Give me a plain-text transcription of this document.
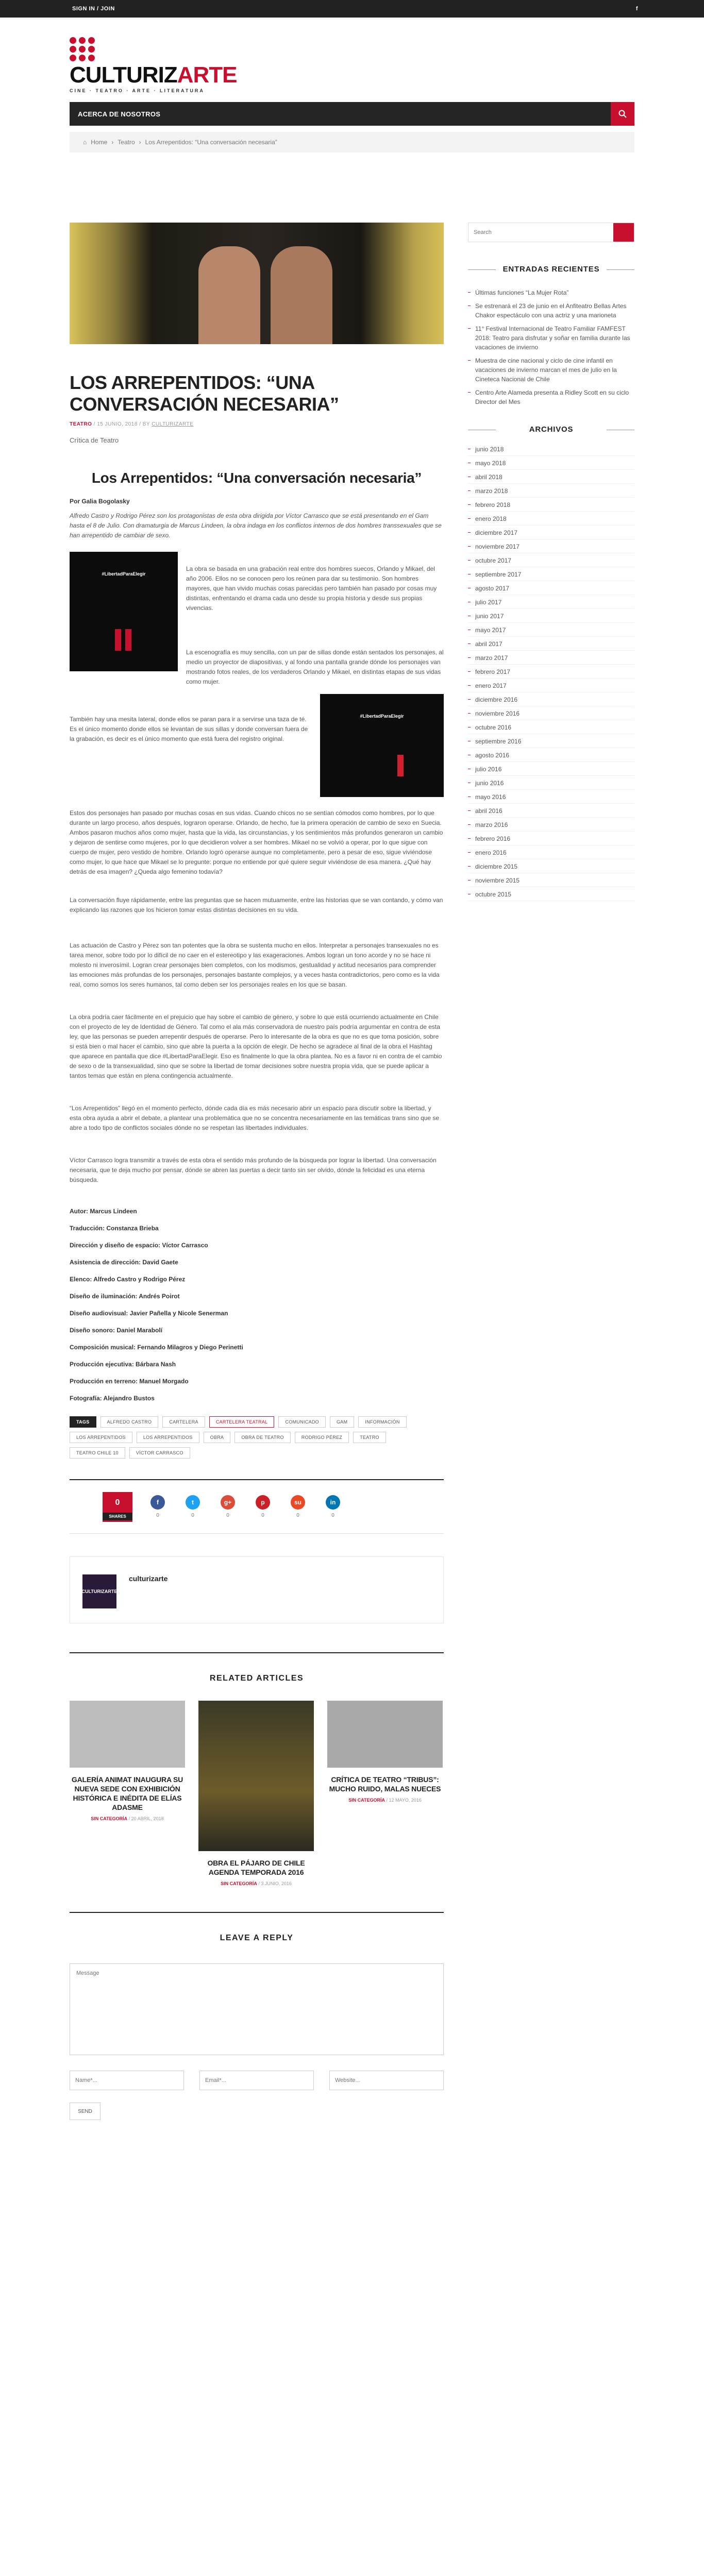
SIGN IN / JOIN	f
CULTURIZARTE
CINE · TEATRO · ARTE · LITERATURA
ACERCA DE NOSOTROS
⌂ Home › Teatro › Los Arrepentidos: “Una conversación necesaria”
LOS ARREPENTIDOS: “UNA CONVERSACIÓN NECESARIA”
TEATRO / 15 JUNIO, 2018 / BY CULTURIZARTE
Crítica de Teatro
Los Arrepentidos: “Una conversación necesaria”
Por Galia Bogolasky

Alfredo Castro y Rodrigo Pérez son los protagonistas de esta obra dirigida por Víctor Carrasco que se está presentando en el Gam hasta el 8 de Julio. Con dramaturgia de Marcus Lindeen, la obra indaga en los conflictos internos de dos hombres transsexuales que se han arrepentido de cambiar de sexo.

#LibertadParaElegir

La obra se basada en una grabación real entre dos hombres suecos, Orlando y Mikael, del año 2006. Ellos no se conocen pero los reúnen para dar su testimonio. Son hombres mayores, que han vivido muchas cosas parecidas pero también han pasado por cosas muy distintas, enfrentando el drama cada uno desde su propia historia y desde sus propias vivencias.

La escenografía es muy sencilla, con un par de sillas donde están sentados los personajes, al medio un proyector de diapositivas, y al fondo una pantalla grande dónde los personajes van mostrando fotos reales, de los verdaderos Orlando y Mikael, en distintas etapas de sus vidas como mujer.

También hay una mesita lateral, donde ellos se paran para ir a servirse una taza de té. Es el único momento donde ellos se levantan de sus sillas y donde conversan fuera de la grabación, es decir es el único momento que está fuera del registro original.

#LibertadParaElegir

Estos dos personajes han pasado por muchas cosas en sus vidas. Cuando chicos no se sentían cómodos como hombres, por lo que durante un largo proceso, años después, lograron operarse. Orlando, de hecho, fue la primera operación de cambio de sexo en Suecia. Ambos pasaron muchos años como mujer, hasta que la vida, las circunstancias, y los sentimientos más profundos generaron un cambio y dejaron de sentirse como mujeres, por lo que decidieron volver a ser hombres. Mikael no se volvió a operar, por lo que sigue con cuerpo de mujer, pero vestido de hombre. Orlando logró operarse aunque no completamente, pero a pesar de eso, sigue viviéndose como mujer, lo que hace que Mikael se lo pregunte: porque no entiende por qué quiere seguir viviéndose de esa manera. ¿Qué hay detrás de esa imagen? ¿Queda algo femenino todavía?

La conversación fluye rápidamente, entre las preguntas que se hacen mutuamente, entre las historias que se van contando, y cómo van explicando las razones que los hicieron tomar estas distintas decisiones en su vida.

Las actuación de Castro y Pérez son tan potentes que la obra se sustenta mucho en ellos. Interpretar a personajes transexuales no es tarea menor, sobre todo por lo difícil de no caer en el estereotipo y las exageraciones. Ambos logran un tono acorde y no se hace ni molesto ni inverosímil. Logran crear personajes bien completos, con los modismos, gestualidad y actitud necesarios para comprender las emociones más profundas de los personajes, personajes bastante complejos, y a veces hasta contradictorios, pero como es la vida real, como somos los seres humanos, tal como deben ser los personajes reales en los que se basan.

La obra podría caer fácilmente en el prejuicio que hay sobre el cambio de género, y sobre lo que está ocurriendo actualmente en Chile con el proyecto de ley de Identidad de Género. Tal como el ala más conservadora de nuestro país podría argumentar en contra de esta ley, que las personas se pueden arrepentir después de operarse. Pero lo interesante de la obra es que no es que toma posición, sobre si está bien o mal hacer el cambio, sino que abre la puerta a la opción de elegir. De hecho se agradece al final de la obra el Hashtag que aparece en pantalla que dice #LibertadParaElegir. Eso es finalmente lo que la obra plantea. No es a favor ni en contra de el cambio de sexo o de la transexualidad, sino que se sobre la libertad de tomar decisiones sobre nuestra propia vida, que se puede aplicar a tantos temas que están en plena contingencia actualmente.

“Los Arrepentidos” llegó en el momento perfecto, dónde cada día es más necesario abrir un espacio para discutir sobre la libertad, y esta obra ayuda a abrir el debate, a plantear una problemática que no se concentra necesariamente en las temáticas trans sino que se abre a todo tipo de conflictos sociales dónde no se respetan las libertades individuales.

Víctor Carrasco logra transmitir a través de esta obra el sentido más profundo de la búsqueda por lograr la libertad. Una conversación necesaria, que te deja mucho por pensar, dónde se abren las puertas a decir tanto sin ser olvido, dónde la felicidad es una eterna búsqueda.

Autor: Marcus Lindeen
Traducción: Constanza Brieba
Dirección y diseño de espacio: Víctor Carrasco
Asistencia de dirección: David Gaete
Elenco: Alfredo Castro y Rodrigo Pérez
Diseño de iluminación: Andrés Poirot
Diseño audiovisual: Javier Pañella y Nicole Senerman
Diseño sonoro: Daniel Marabolí
Composición musical: Fernando Milagros y Diego Perinetti
Producción ejecutiva: Bárbara Nash
Producción en terreno: Manuel Morgado
Fotografía: Alejandro Bustos
TAGS	ALFREDO CASTRO	CARTELERA	CARTELERA TEATRAL	COMUNICADO	GAM	INFORMACIÓN
LOS ARREPENTIDOS	LOS ARREPENTIDOS	OBRA	OBRA DE TEATRO	RODRIGO PÉREZ	TEATRO
TEATRO CHILE 10	VÍCTOR CARRASCO
0
SHARES
f
0
t
0
g+
0
p
0
su
0
in
0
CULTURIZARTE
culturizarte
RELATED ARTICLES
GALERÍA ANIMAT INAUGURA SU NUEVA SEDE CON EXHIBICIÓN HISTÓRICA E INÉDITA DE ELÍAS ADASME
SIN CATEGORÍA / 20 ABRIL, 2018
OBRA EL PÁJARO DE CHILE AGENDA TEMPORADA 2016
SIN CATEGORÍA / 3 JUNIO, 2016
CRÍTICA DE TEATRO “TRIBUS”: MUCHO RUIDO, MALAS NUECES
SIN CATEGORÍA / 12 MAYO, 2016
LEAVE A REPLY
Message
Name*...
Email*...
Website...
SEND
Search
ENTRADAS RECIENTES
Últimas funciones “La Mujer Rota”
Se estrenará el 23 de junio en el Anfiteatro Bellas Artes Chakor espectáculo con una actriz y una marioneta
11° Festival Internacional de Teatro Familiar FAMFEST 2018: Teatro para disfrutar y soñar en familia durante las vacaciones de invierno
Muestra de cine nacional y ciclo de cine infantil en vacaciones de invierno marcan el mes de julio en la Cineteca Nacional de Chile
Centro Arte Alameda presenta a Ridley Scott en su ciclo Director del Mes
ARCHIVOS
junio 2018
mayo 2018
abril 2018
marzo 2018
febrero 2018
enero 2018
diciembre 2017
noviembre 2017
octubre 2017
septiembre 2017
agosto 2017
julio 2017
junio 2017
mayo 2017
abril 2017
marzo 2017
febrero 2017
enero 2017
diciembre 2016
noviembre 2016
octubre 2016
septiembre 2016
agosto 2016
julio 2016
junio 2016
mayo 2016
abril 2016
marzo 2016
febrero 2016
enero 2016
diciembre 2015
noviembre 2015
octubre 2015
